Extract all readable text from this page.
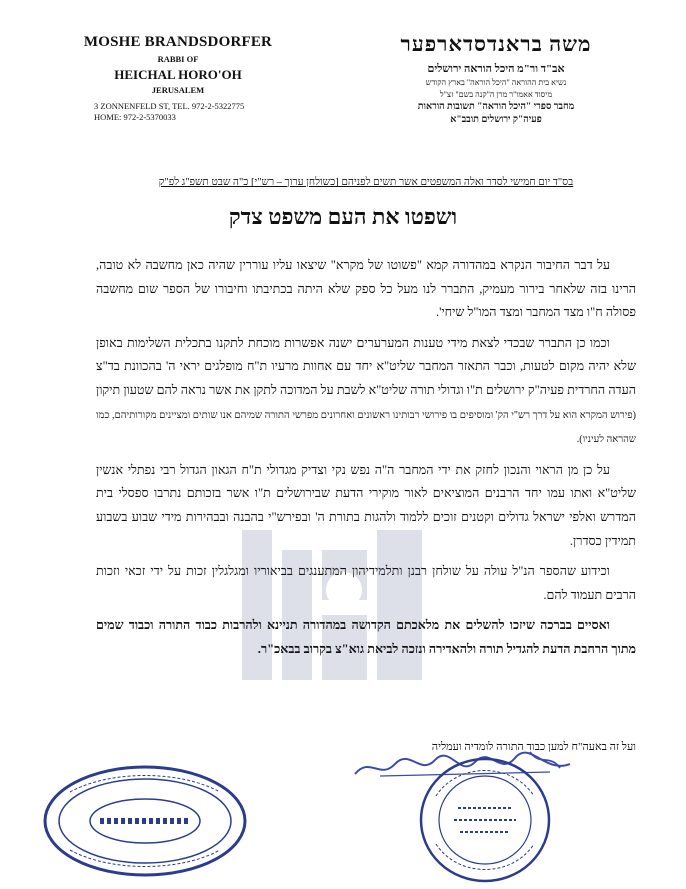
MOSHE BRANDSDORFER
RABBI OF
HEICHAL HORO'OH
JERUSALEM
3 ZONNENFELD ST, TEL. 972-2-5322775
HOME: 972-2-5370033
משה בראנדסדארפער
אב"ד ור"מ היכל הוראה ירושלים
נשיא בית ההוראה "היכל הוראה" בארץ הקודש
מיסוד אאמו"ר מרן ה"קנה בשם" זצ"ל
מחבר ספרי "היכל הוראה" תשובות הוראות
פעיה"ק ירושלים תובב"א
בס"ד יום חמישי לסדר ואלה המשפטים אשר תשים לפניהם [כשולחן ערוך – רש"י] כ"ה שבט תשפ"ג לפ"ק
ושפטו את העם משפט צדק

על דבר החיבור הנקרא במהדורה קמא "פשוטו של מקרא" שיצאו עליו עוררין שהיה כאן מחשבה לא טובה, הרינו בזה שלאחר בירור מעמיק, התברר לנו מעל כל ספק שלא היתה בכתיבתו וחיבורו של הספר שום מחשבה פסולה ח"ו מצד המחבר ומצד המו"ל שיחי'.

וכמו כן התברר שבכדי לצאת מידי טענות המערערים ישנה אפשרות מוכחת לתקנו בתכלית השלימות באופן שלא יהיה מקום לטעות, וכבר התאזר המחבר שליט"א יחד עם אחוות מרעיו ת"ח מופלגים יראי ה' בהכוונת בד"צ העדה החרדית פעיה"ק ירושלים ת"ו וגדולי תורה שליט"א לשבת על המדוכה לתקן את אשר נראה להם שטעון תיקון (פירוש המקרא הוא על דרך רש"י הק' ומוסיפים בו פירושי רבותינו ראשונים ואחרונים מפרשי התורה שמיהם אנו שותים ומציינים מקורותיהם, כמו שהראה לעיניו).

על כן מן הראוי והנכון לחזק את ידי המחבר ה"ה נפש נקי וצדיק מגדולי ת"ח הגאון הגדול רבי נפתלי אנשין שליט"א ואתו עמו יחד הרבנים המוציאים לאור מוקירי הדעת שבירושלים ת"ו אשר בזכותם נתרבו ספסלי בית המדרש ואלפי ישראל גדולים וקטנים זוכים ללמוד ולהגות בתורת ה' ובפירש"י בהבנה ובבהירות מידי שבוע בשבוע תמידין כסדרן.

וכידוע שהספר הנ"ל עולה על שולחן רבנן ותלמידיהון המתענגים בביאוריו ומגלגלין זכות על ידי זכאי וזכות הרבים תעמוד להם.

ואסיים בברכה שיזכו להשלים את מלאכתם הקדושה במהדורה תניינא ולהרבות כבוד התורה וכבוד שמים מתוך הרחבת הדעת להגדיל תורה ולהאדירה ונזכה לביאת גוא"צ בקרוב בבאכ"ר.

ועל זה באעה"ח למען כבוד התורה לומדיה ועמליה
